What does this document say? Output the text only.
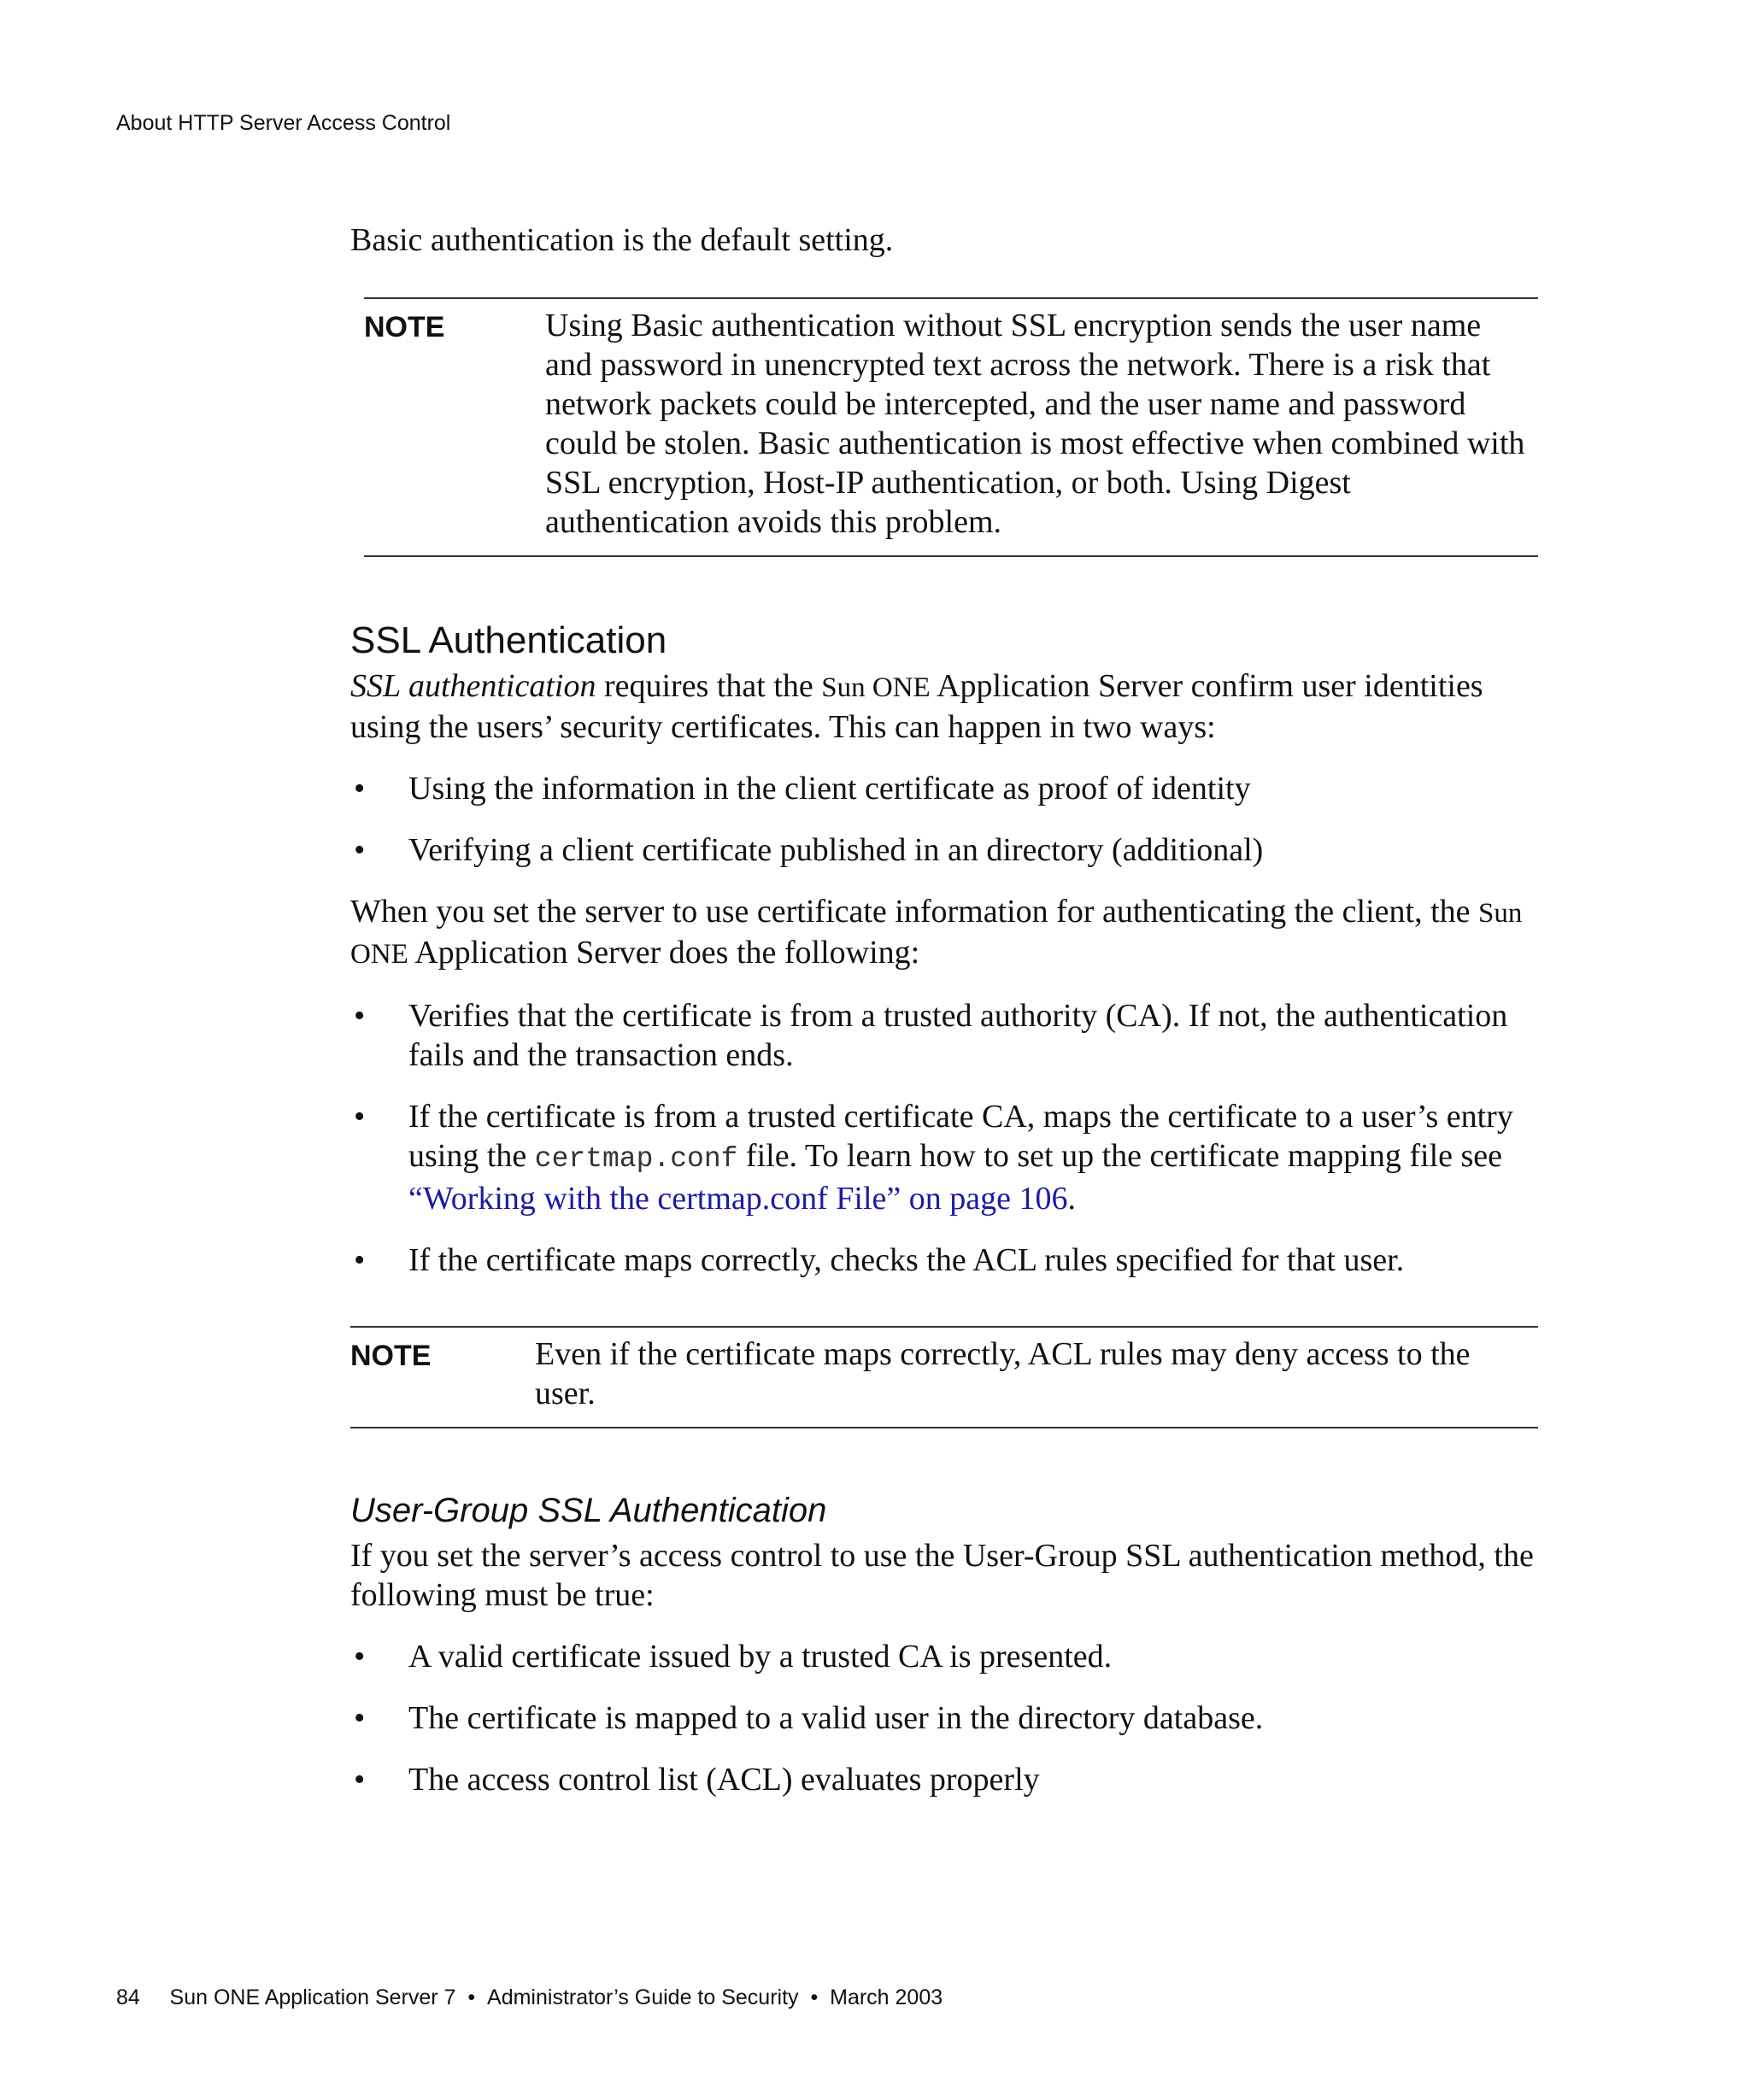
About HTTP Server Access Control

Basic authentication is the default setting.

NOTE	Using Basic authentication without SSL encryption sends the user name and password in unencrypted text across the network. There is a risk that network packets could be intercepted, and the user name and password could be stolen. Basic authentication is most effective when combined with SSL encryption, Host-IP authentication, or both. Using Digest authentication avoids this problem.
SSL Authentication

SSL authentication requires that the Sun ONE Application Server confirm user identities using the users’ security certificates. This can happen in two ways:

• Using the information in the client certificate as proof of identity
• Verifying a client certificate published in an directory (additional)

When you set the server to use certificate information for authenticating the client, the Sun ONE Application Server does the following:

• Verifies that the certificate is from a trusted authority (CA). If not, the authentication fails and the transaction ends.
• If the certificate is from a trusted certificate CA, maps the certificate to a user’s entry using the certmap.conf file. To learn how to set up the certificate mapping file see “Working with the certmap.conf File” on page 106.
• If the certificate maps correctly, checks the ACL rules specified for that user.
NOTE	Even if the certificate maps correctly, ACL rules may deny access to the user.
User-Group SSL Authentication

If you set the server’s access control to use the User-Group SSL authentication method, the following must be true:

• A valid certificate issued by a trusted CA is presented.
• The certificate is mapped to a valid user in the directory database.
• The access control list (ACL) evaluates properly
84 Sun ONE Application Server 7 • Administrator’s Guide to Security • March 2003
